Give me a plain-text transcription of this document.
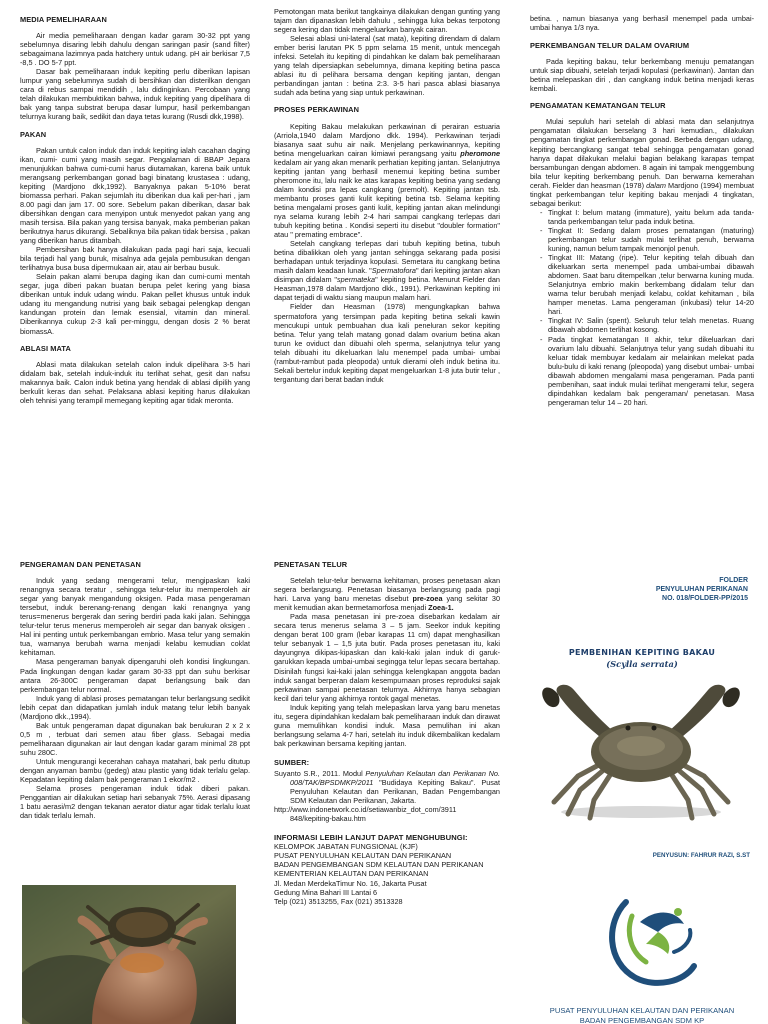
MEDIA PEMELIHARAAN

Air media pemeliharaan dengan kadar garam 30-32 ppt yang sebelumnya disaring lebih dahulu dengan saringan pasir (sand filter) sebagaimana lazimnya pada hatchery untuk udang. pH air berkisar 7,5 -8,5 . DO 5-7 ppt.

Dasar bak pemeliharaan induk kepiting perlu diberikan lapisan lumpur yang sebelumnya sudah di bersihkan dan disterilkan dengan cara di rebus sampai mendidih , lalu didinginkan. Percobaan yang telah dilakukan membuktikan bahwa, induk kepiting yang dipelihara di bak yang tanpa substrat berupa dasar lumpur, hasil perkembangan telurnya kurang baik, sedikit dan daya tetas kurang (Rusdi dkk,1998).

PAKAN

Pakan untuk calon induk dan induk kepiting ialah cacahan daging ikan, cumi- cumi yang masih segar. Pengalaman di BBAP Jepara menunjukkan bahwa cumi-cumi harus diutamakan, karena baik untuk merangsang perkembangan gonad bagi binatang krustasea : udang, kepiting (Mardjono dkk,1992). Banyaknya pakan 5-10% berat biomassa perhari. Pakan sejumlah itu diberikan dua kali per-hari , jam 8.00 pagi dan jam 17. 00 sore. Sebelum pakan diberikan, dasar bak dibersihkan dengan cara menyipon untuk menyedot pakan yang ang masih tersisa. Bila pakan yang tersisa banyak, maka pemberian pakan berikutnya harus dikurangi. Sebaliknya bila pakan tidak bersisa , pakan yang diberikan harus ditambah.

Pembersihan bak hanya dilakukan pada pagi hari saja, kecuali bila terjadi hal yang buruk, misalnya ada gejala pembusukan dengan terlihatnya busa busa dipermukaan air, atau air berbau busuk.

Selain pakan alami berupa daging ikan dan cumi-cumi mentah segar, juga diberi pakan buatan berupa pelet kering yang biasa diberikan untuk induk udang windu. Pakan pellet khusus untuk induk udang itu mengandung nutrisi yang baik sebagai pelengkap dengan kandungan protein dan lemak esensial, vitamin dan mineral. Diberikannya cukup 2-3 kali per-minggu, dengan dosis 2 % berat biomassA.

ABLASI MATA

Ablasi mata dilakukan setelah calon induk dipelihara 3-5 hari didalam bak, setelah induk-induk itu terlihat sehat, gesit dan nafsu makannya baik. Calon induk betina yang hendak di ablasi dipilih yang berkulit keras dan sehat. Pelaksana ablasi kepiting harus dilakukan oleh tehnisi yang terampil memegang kepiting agar tidak meronta.

Pemotongan mata berikut tangkainya dilakukan dengan gunting yang tajam dan dipanaskan lebih dahulu , sehingga luka bekas terpotong segera kering dan tidak mengeluarkan banyak cairan.

Selesai ablasi uni-lateral (sat mata), kepiting direndam di dalam ember berisi larutan PK 5 ppm selama 15 menit, untuk mencegah infeksi. Setelah itu kepiting di pindahkan ke dalam bak pemeliharaan yang telah dipersiapkan sebelumnya, dimana kepiting betina pasca ablasi itu di pelihara bersama dengan kepiting jantan, dengan perbandingan jantan : betina 2:3. 3-5 hari pasca ablasi biasanya sudah ada betina yang siap untuk perkawinan.

PROSES PERKAWINAN

Kepiting Bakau melakukan perkawinan di perairan estuaria (Arriola,1940 dalam Mardjono dkk. 1994). Perkawinan terjadi biasanya saat suhu air naik. Menjelang perkawinannya, kepiting betina mengeluarkan cairan kimiawi perangsang yaitu pheromone kedalam air yang akan menarik perhatian kepiting jantan. Selanjutnya kepiting jantan yang berhasil menemui kepiting betina sumber pheromone itu, lalu naik ke atas karapas kepiting betina yang sedang dalam kondisi pra lepas cangkang (premolt). Kepiting jantan tsb. membantu proses ganti kulit kepiting betina tsb. Selama kepiting betina mengalami proses ganti kulit, kepiting jantan akan melindungi nya selama kurang lebih 2-4 hari sampai cangkang terlepas dari tubuh kepiting betina . Kondisi seperti itu disebut "doubler formation" atau " premating embrace".

Setelah cangkang terlepas dari tubuh kepiting betina, tubuh betina dibalikkan oleh yang jantan sehingga sekarang pada posisi berhadapan untuk terjadinya kopulasi. Semetara itu cangkang betina masih dalam keadaan lunak. "Spermatofora" dari kepiting jantan akan disimpan didalam "spermateka" kepiting betina. Menurut Fielder dan Heasman,1978 dalam Mardjono dkk., 1991). Perkawinan kepiting ini dapat terjadi di waktu siang maupun malam hari.

Fielder dan Heasman (1978) mengungkapkan bahwa spermatofora yang tersimpan pada kepiting betina sekali kawin mencukupi untuk pembuahan dua kali peneluran sekor kepiting betina. Telur yang telah matang gonad dalam ovarium betina akan turun ke oviduct dan dibuahi oleh sperma, selanjutnya telur yang telah dibuahi itu dikeluarkan lalu menempel pada umbai- umbai (rambut-rambut pada pleopoda) untuk dierami oleh induk betina itu. Sekali bertelur induk kepiting dapat mengeluarkan 1-8 juta butir telur , tergantung dari berat badan induk

betina. , namun biasanya yang berhasil menempel pada umbai-umbai hanya 1/3 nya.

PERKEMBANGAN TELUR DALAM OVARIUM

Pada kepiting bakau, telur berkembang menuju pematangan untuk siap dibuahi, setelah terjadi kopulasi (perkawinan). Jantan dan betina melepaskan diri , dan cangkang induk betina menjadi keras kembali.

PENGAMATAN KEMATANGAN TELUR

Mulai sepuluh hari setelah di ablasi mata dan selanjutnya pengamatan dilakukan berselang 3 hari kemudian., dilakukan pengamatan tingkat perkembangan gonad. Berbeda dengan udang, kepiting bercangkang sangat tebal sehingga pengamatan gonad hanya dapat dilakukan melalui bagian belakang karapas tempat bersambungan dengan abdomen. 8 again ini tampak menggembung bila telur kepiting berkembang penuh. Dan berwarna kemerahan cerah. Fielder dan heasman (1978) dalam Mardjono (1994) membuat tingkat perkembangan telur kepiting bakau menjadi 4 tingkatan, sebagai berikut:

- Tingkat I: belum matang (immature), yaitu belum ada tanda-tanda perkembangan telur pada induk betina.
- Tingkat II: Sedang dalam proses pematangan (maturing) perkembangan telur sudah mulai terlihat penuh, berwarna kuning, namun belum tampak menonjol penuh.
- Tingkat III: Matang (ripe). Telur kepiting telah dibuah dan dikeluarkan serta menempel pada umbai-umbai dibawah abdomen. Saat baru ditempelkan ,telur berwarna kuning muda. Selanjutnya embrio makin berkembang didalam telur dan warna telur berubah menjadi kelabu, coklat kehitaman , bila hamper menetas. Lama pengeraman (inkubasi) telur 14-20 hari.
- Tingkat IV: Salin (spent). Seluruh telur telah menetas. Ruang dibawah abdomen terlihat kosong.
- Pada tingkat kematangan II akhir, telur dikeluarkan dari ovarium lalu dibuahi. Selanjutnya telur yang sudah dibuahi itu keluar tidak membuyar kedalam air melainkan melekat pada bulu-bulu di kaki renang (pleopoda) yang disebut umbai- umbai dibawah abdomen mengalami masa pengeraman. Pada panti pembenihan, saat induk mulai terlihat mengerami telur, segera dipindahkan kedalam bak pengeraman/ penetasan. Masa pengeraman telur 14 – 20 hari.
PENGERAMAN DAN PENETASAN

Induk yang sedang mengerami telur, mengipaskan kaki renangnya secara teratur , sehingga telur-telur itu memperoleh air segar yang banyak mengandung oksigen. Pada masa pengeraman tersebut, induk berenang-renang dengan kaki renangnya yang terus=menerus bergerak dan sering berdiri pada kaki jalan. Sehingga telur-telur terus menerus memperoleh air segar dan banyak oksigen . Hal ini penting untuk perkembangan embrio. Masa telur yang semakin tua, warnanya berubah warna menjadi kelabu kemudian coklat kehitaman.

Masa pengeraman banyak dipengaruhi oleh kondisi lingkungan. Pada lingkungan dengan kadar garam 30-33 ppt dan suhu berkisar antara 26-300C pengeraman dapat berlangsung baik dan perkembangan telur normal.

Induk yang di ablasi proses pematangan telur berlangsung sedikit lebih cepat dan didapatkan jumlah induk matang telur lebih banyak (Mardjono dkk.,1994).

Bak untuk pengeraman dapat digunakan bak berukuran 2 x 2 x 0,5 m , terbuat dari semen atau fiber glass. Sebagai media pemeliharaan digunakan air laut dengan kadar garam minimal 28 ppt suhu 280C.

Untuk mengurangi kecerahan cahaya matahari, bak perlu ditutup dengan anyaman bambu (gedeg) atau plastic yang tidak terlalu gelap. Kepadatan kepiting dalam bak pengeraman 1 ekor/m2 .

Selama proses pengeraman induk tidak diberi pakan. Penggantian air dilakukan setiap hari sebanyak 75%. Aerasi dipasang 1 batu aerasi/m2 dengan tekanan aerator diatur agar tidak terlalu kuat dan tidak terlalu lemah.

PENETASAN TELUR

Setelah telur-telur berwarna kehitaman, proses penetasan akan segera berlangsung. Penetasan biasanya berlangsung pada pagi hari. Larva yang baru menetas disebut pre-zoea yang sekitar 30 menit kemudian akan bermetamorfosa menjadi Zoea-1.

Pada masa penetasan ini pre-zoea disebarkan kedalam air secara terus menerus selama 3 – 5 jam. Seekor induk kepiting dengan berat 100 gram (lebar karapas 11 cm) dapat menghasilkan telur sebanyak 1 – 1,5 juta butir. Pada proses penetasan itu, kaki dayungnya dikipas-kipaskan dan kaki-kaki jalan induk di garuk-garukkan kepada umbai-umbai segingga telur lepas secara bertahap. Disinilah fungsi kai-kaki jalan sehingga kelengkapan anggota badan induk sangat berperan dalam kesempurnaan proses reproduksi sajak perkawinan sampai penetasan telurnya. Akhirnya hanya sebagian kecil dari telur yang akhirnya rontok gagal menetas.

Induk kepiting yang telah melepaskan larva yang baru menetas itu, segera dipindahkan kedalam bak pemeliharaan induk dan dirawat guna memulihkan kondisi induk. Masa pemulihan ini akan berlangsung selama 4-7 hari, setelah itu induk dikembalikan kedalam bak perkawinan bersama kepiting jantan.

SUMBER:

Suyanto S.R., 2011. Modul Penyuluhan Kelautan dan Perikanan No. 008/TAK/BPSDMKP/2011 "Budidaya Kepiting Bakau". Pusat Penyuluhan Kelautan dan Perikanan, Badan Pengembangan SDM Kelautan dan Perikanan, Jakarta.

http://www.indonetwork.co.id/setiawanbiz_dot_com/3911 848/kepiting-bakau.htm

INFORMASI LEBIH LANJUT DAPAT MENGHUBUNGI:

KELOMPOK JABATAN FUNGSIONAL (KJF)

PUSAT PENYULUHAN KELAUTAN DAN PERIKANAN

BADAN PENGEMBANGAN SDM KELAUTAN DAN PERIKANAN

KEMENTERIAN KELAUTAN DAN PERIKANAN

Jl. Medan MerdekaTimur No. 16, Jakarta Pusat

Gedung Mina Bahari III Lantai 6

Telp (021) 3513255, Fax (021) 3513328

FOLDER
PENYULUHAN PERIKANAN
NO. 018/FOLDER-PP/2015
PEMBENIHAN KEPITING BAKAU
(Scylla serrata)
PENYUSUN: FAHRUR RAZI, S.ST
PUSAT PENYULUHAN KELAUTAN DAN PERIKANAN
BADAN PENGEMBANGAN SDM KP
